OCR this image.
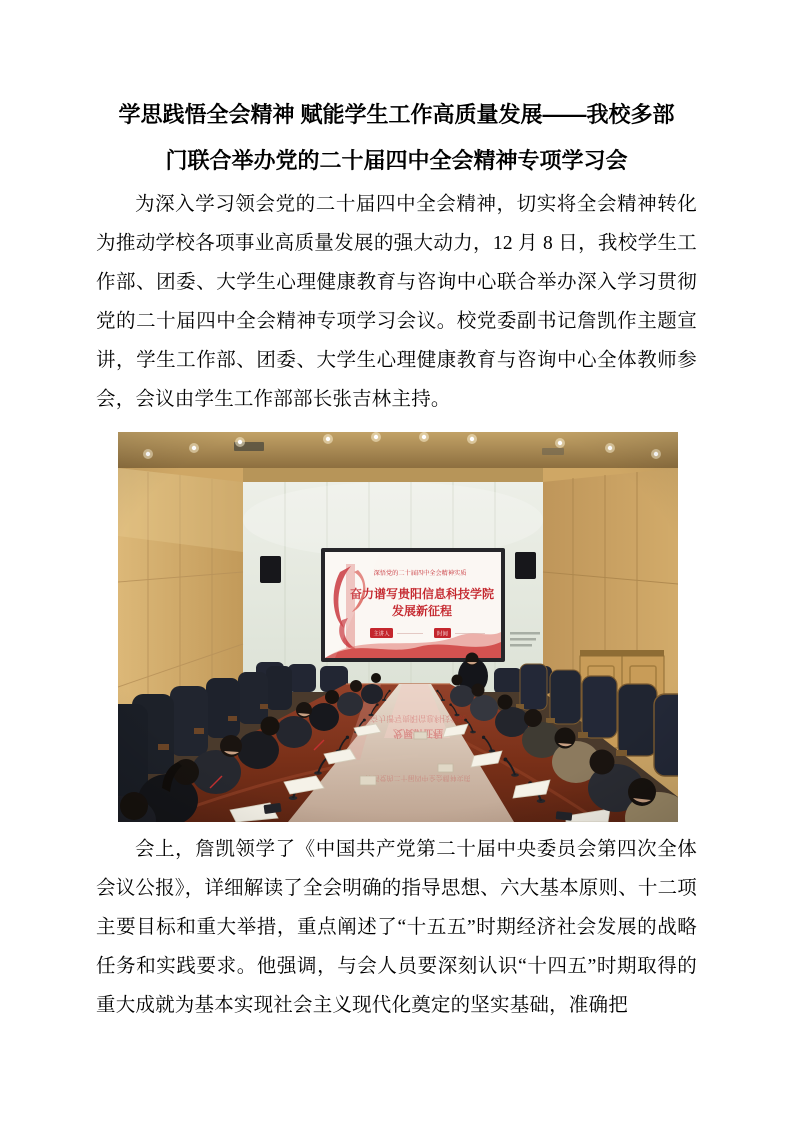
学思践悟全会精神 赋能学生工作高质量发展——我校多部
门联合举办党的二十届四中全会精神专项学习会

为深入学习领会党的二十届四中全会精神，切实将全会精神转化为推动学校各项事业高质量发展的强大动力，12 月 8 日，我校学生工作部、团委、大学生心理健康教育与咨询中心联合举办深入学习贯彻党的二十届四中全会精神专项学习会议。校党委副书记詹凯作主题宣讲，学生工作部、团委、大学生心理健康教育与咨询中心全体教师参会，会议由学生工作部部长张吉林主持。

会上，詹凯领学了《中国共产党第二十届中央委员会第四次全体会议公报》，详细解读了全会明确的指导思想、六大基本原则、十二项主要目标和重大举措，重点阐述了“十五五”时期经济社会发展的战略任务和实践要求。他强调，与会人员要深刻认识“十四五”时期取得的重大成就为基本实现社会主义现代化奠定的坚实基础，准确把
